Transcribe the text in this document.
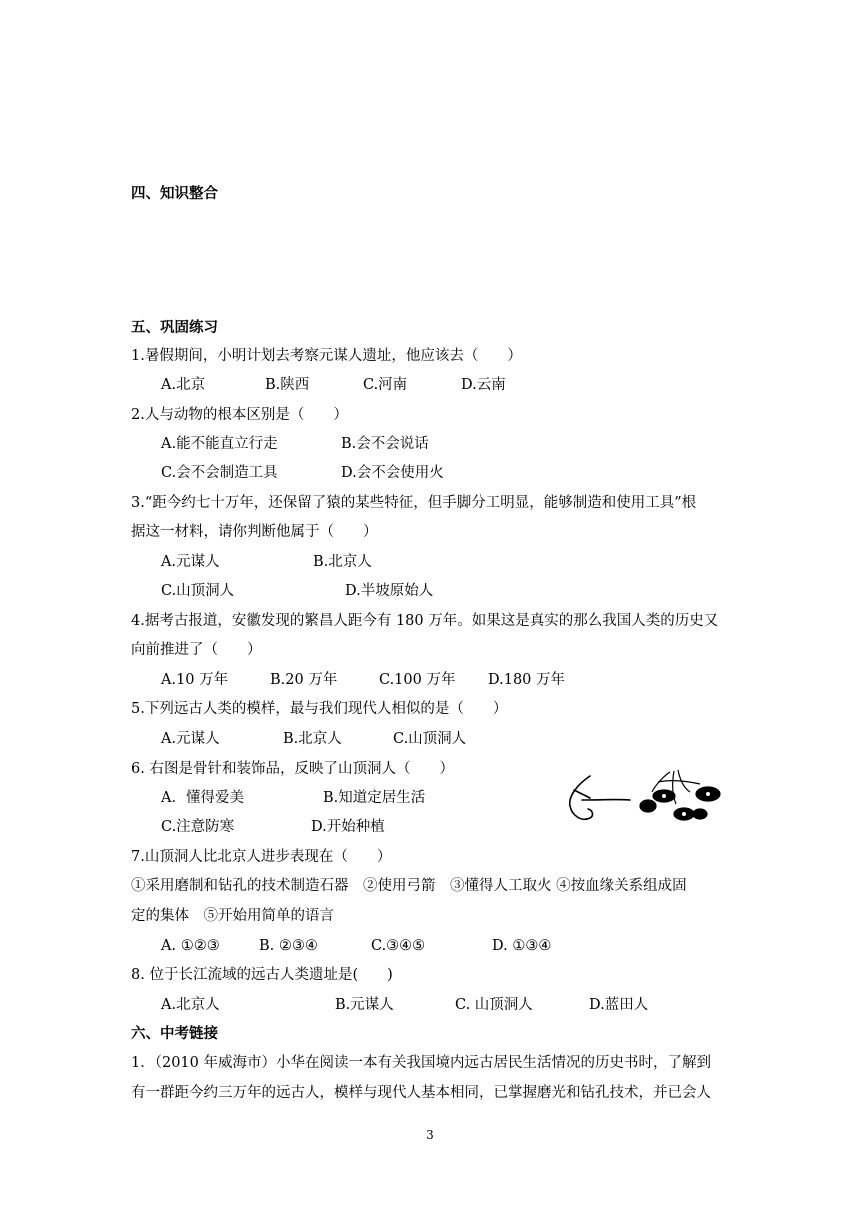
四、知识整合
五、巩固练习
1.暑假期间，小明计划去考察元谋人遗址，他应该去（　　）
A.北京	B.陕西	C.河南	D.云南
2.人与动物的根本区别是（　　）
A.能不能直立行走	B.会不会说话
C.会不会制造工具	D.会不会使用火
3.“距今约七十万年，还保留了猿的某些特征，但手脚分工明显，能够制造和使用工具”根
据这一材料，请你判断他属于（　　）
A.元谋人	B.北京人
C.山顶洞人	D.半坡原始人
4.据考古报道，安徽发现的繁昌人距今有 180 万年。如果这是真实的那么我国人类的历史又
向前推进了（　　）
A.10 万年	B.20 万年	C.100 万年 D.180 万年
5.下列远古人类的模样，最与我们现代人相似的是（　　）
A.元谋人	B.北京人	C.山顶洞人
6. 右图是骨针和装饰品，反映了山顶洞人（　　）
A．懂得爱美	B.知道定居生活
C.注意防寒	D.开始种植
7.山顶洞人比北京人进步表现在（　　）
①采用磨制和钻孔的技术制造石器　②使用弓箭　③懂得人工取火 ④按血缘关系组成固
定的集体　⑤开始用简单的语言
A. ①②③	B. ②③④	C.③④⑤	D. ①③④
8. 位于长江流域的远古人类遗址是(　　)
A.北京人	B.元谋人	C. 山顶洞人	D.蓝田人
六、中考链接
1．（2010 年威海市）小华在阅读一本有关我国境内远古居民生活情况的历史书时，了解到
有一群距今约三万年的远古人，模样与现代人基本相同，已掌握磨光和钻孔技术，并已会人
3
